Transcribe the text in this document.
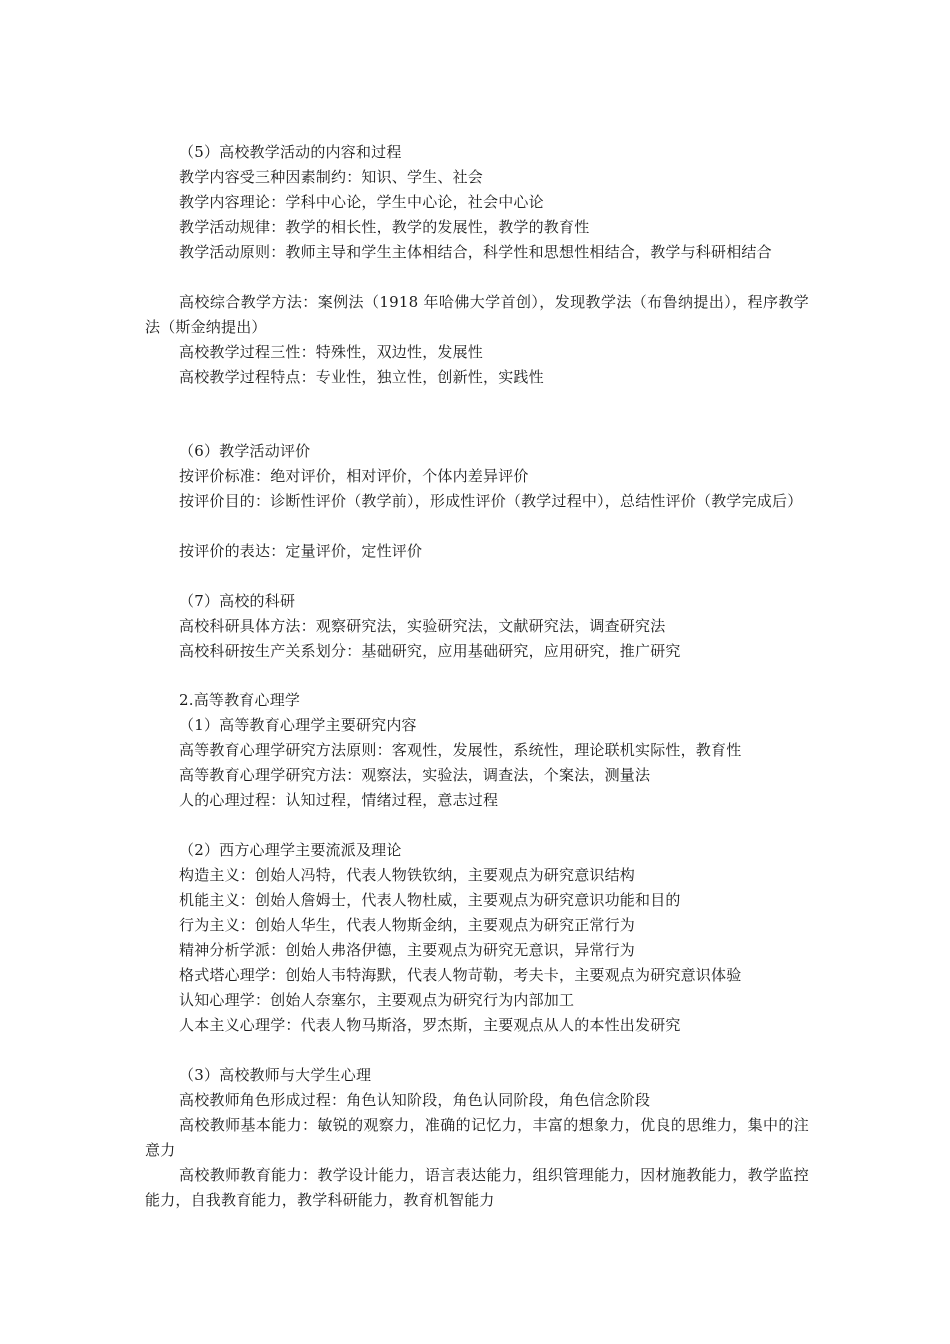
（5）高校教学活动的内容和过程
教学内容受三种因素制约：知识、学生、社会
教学内容理论：学科中心论，学生中心论，社会中心论
教学活动规律：教学的相长性，教学的发展性，教学的教育性
教学活动原则：教师主导和学生主体相结合，科学性和思想性相结合，教学与科研相结合
高校综合教学方法：案例法（1918 年哈佛大学首创），发现教学法（布鲁纳提出），程序教学法（斯金纳提出）
高校教学过程三性：特殊性，双边性，发展性
高校教学过程特点：专业性，独立性，创新性，实践性
（6）教学活动评价
按评价标准：绝对评价，相对评价，个体内差异评价
按评价目的：诊断性评价（教学前），形成性评价（教学过程中），总结性评价（教学完成后）
按评价的表达：定量评价，定性评价
（7）高校的科研
高校科研具体方法：观察研究法，实验研究法，文献研究法，调查研究法
高校科研按生产关系划分：基础研究，应用基础研究，应用研究，推广研究
2.高等教育心理学
（1）高等教育心理学主要研究内容
高等教育心理学研究方法原则：客观性，发展性，系统性，理论联机实际性，教育性
高等教育心理学研究方法：观察法，实验法，调查法，个案法，测量法
人的心理过程：认知过程，情绪过程，意志过程
（2）西方心理学主要流派及理论
构造主义：创始人冯特，代表人物铁钦纳，主要观点为研究意识结构
机能主义：创始人詹姆士，代表人物杜威，主要观点为研究意识功能和目的
行为主义：创始人华生，代表人物斯金纳，主要观点为研究正常行为
精神分析学派：创始人弗洛伊德，主要观点为研究无意识，异常行为
格式塔心理学：创始人韦特海默，代表人物苛勒，考夫卡，主要观点为研究意识体验
认知心理学：创始人奈塞尔，主要观点为研究行为内部加工
人本主义心理学：代表人物马斯洛，罗杰斯，主要观点从人的本性出发研究
（3）高校教师与大学生心理
高校教师角色形成过程：角色认知阶段，角色认同阶段，角色信念阶段
高校教师基本能力：敏锐的观察力，准确的记忆力，丰富的想象力，优良的思维力，集中的注意力
高校教师教育能力：教学设计能力，语言表达能力，组织管理能力，因材施教能力，教学监控能力，自我教育能力，教学科研能力，教育机智能力
